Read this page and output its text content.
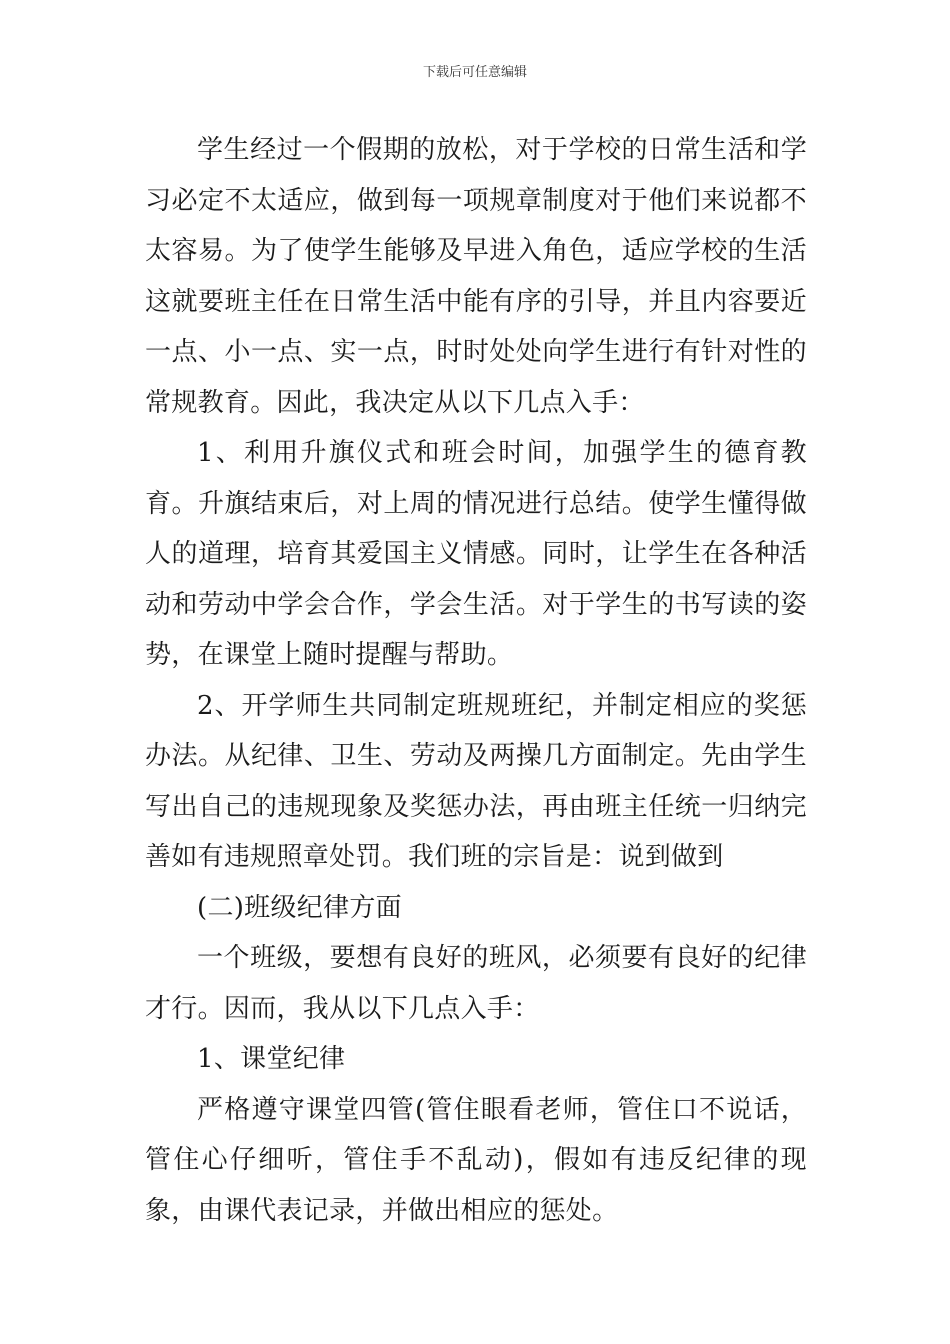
下载后可任意编辑

学生经过一个假期的放松，对于学校的日常生活和学习必定不太适应，做到每一项规章制度对于他们来说都不太容易。为了使学生能够及早进入角色，适应学校的生活这就要班主任在日常生活中能有序的引导，并且内容要近一点、小一点、实一点，时时处处向学生进行有针对性的常规教育。因此，我决定从以下几点入手：

1、利用升旗仪式和班会时间，加强学生的德育教育。升旗结束后，对上周的情况进行总结。使学生懂得做人的道理，培育其爱国主义情感。同时，让学生在各种活动和劳动中学会合作，学会生活。对于学生的书写读的姿势，在课堂上随时提醒与帮助。

2、开学师生共同制定班规班纪，并制定相应的奖惩办法。从纪律、卫生、劳动及两操几方面制定。先由学生写出自己的违规现象及奖惩办法，再由班主任统一归纳完善如有违规照章处罚。我们班的宗旨是：说到做到

(二)班级纪律方面

一个班级，要想有良好的班风，必须要有良好的纪律才行。因而，我从以下几点入手：

1、课堂纪律

严格遵守课堂四管(管住眼看老师，管住口不说话，管住心仔细听，管住手不乱动)，假如有违反纪律的现象，由课代表记录，并做出相应的惩处。
